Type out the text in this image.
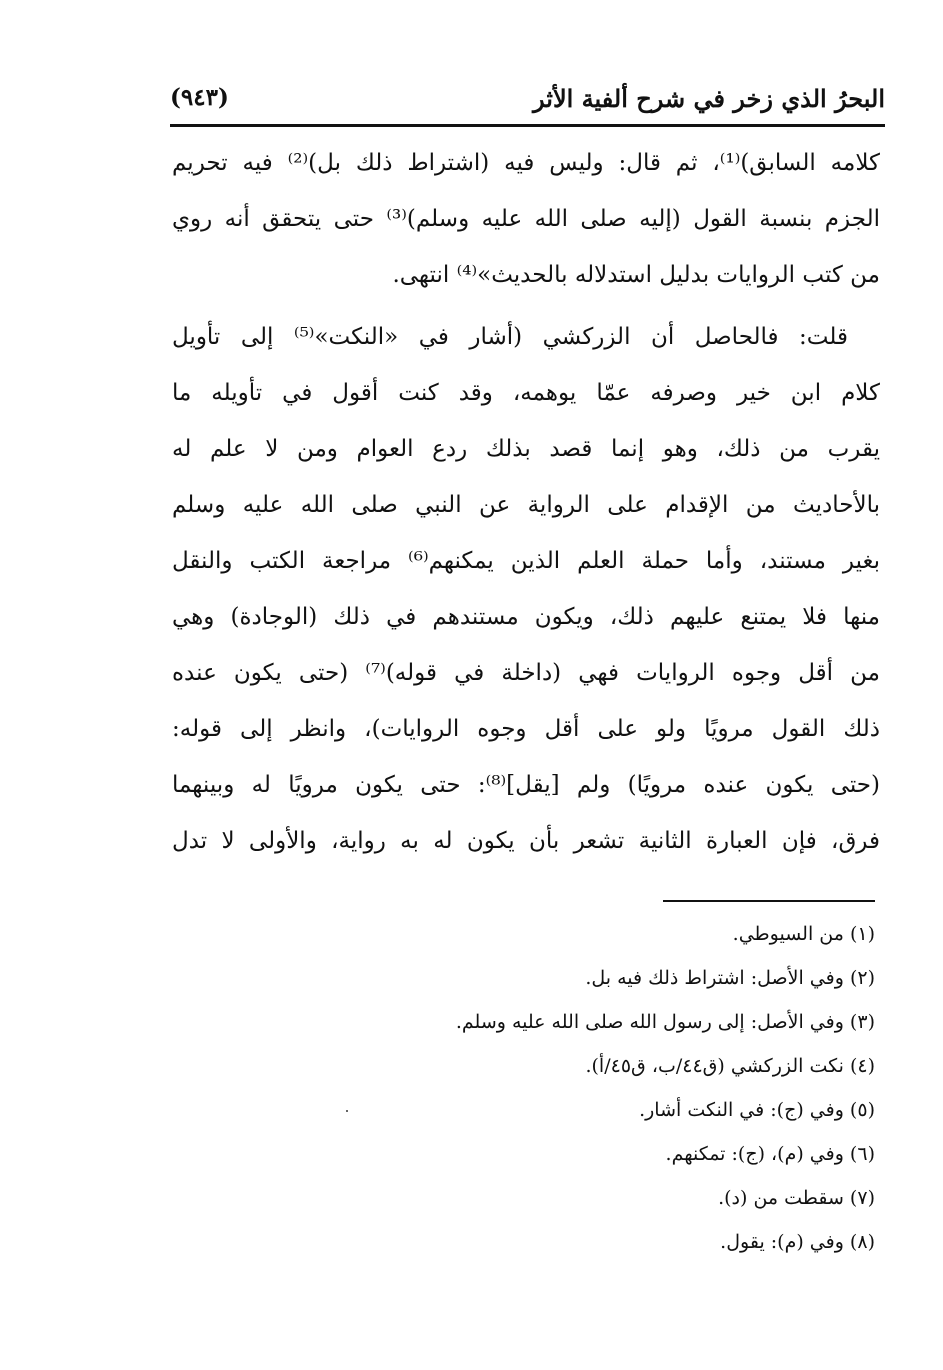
البحرُ الذي زخر في شرح ألفية الأثر
(٩٤٣)
كلامه السابق)⁽¹⁾، ثم قال: وليس فيه (اشتراط ذلك بل)⁽²⁾ فيه تحريم
الجزم بنسبة القول (إليه صلى الله عليه وسلم)⁽³⁾ حتى يتحقق أنه روي
من كتب الروايات بدليل استدلاله بالحديث»⁽⁴⁾ انتهى.
قلت: فالحاصل أن الزركشي (أشار في «النكت»⁽⁵⁾ إلى تأويل
كلام ابن خير وصرفه عمّا يوهمه، وقد كنت أقول في تأويله ما
يقرب من ذلك، وهو إنما قصد بذلك ردع العوام ومن لا علم له
بالأحاديث من الإقدام على الرواية عن النبي صلى الله عليه وسلم
بغير مستند، وأما حملة العلم الذين يمكنهم⁽⁶⁾ مراجعة الكتب والنقل
منها فلا يمتنع عليهم ذلك، ويكون مستندهم في ذلك (الوجادة) وهي
من أقل وجوه الروايات فهي (داخلة في قوله)⁽⁷⁾ (حتى يكون عنده
ذلك القول مرويًا ولو على أقل وجوه الروايات)، وانظر إلى قوله:
(حتى يكون عنده مرويًا) ولم [يقل]⁽⁸⁾: حتى يكون مرويًا له وبينهما
فرق، فإن العبارة الثانية تشعر بأن يكون له به رواية، والأولى لا تدل
(١) من السيوطي.
(٢) وفي الأصل: اشتراط ذلك فيه بل.
(٣) وفي الأصل: إلى رسول الله صلى الله عليه وسلم.
(٤) نكت الزركشي (ق٤٤/ب، ق٤٥/أ).
(٥) وفي (ج): في النكت أشار.
(٦) وفي (م)، (ج): تمكنهم.
(٧) سقطت من (د).
(٨) وفي (م): يقول.
